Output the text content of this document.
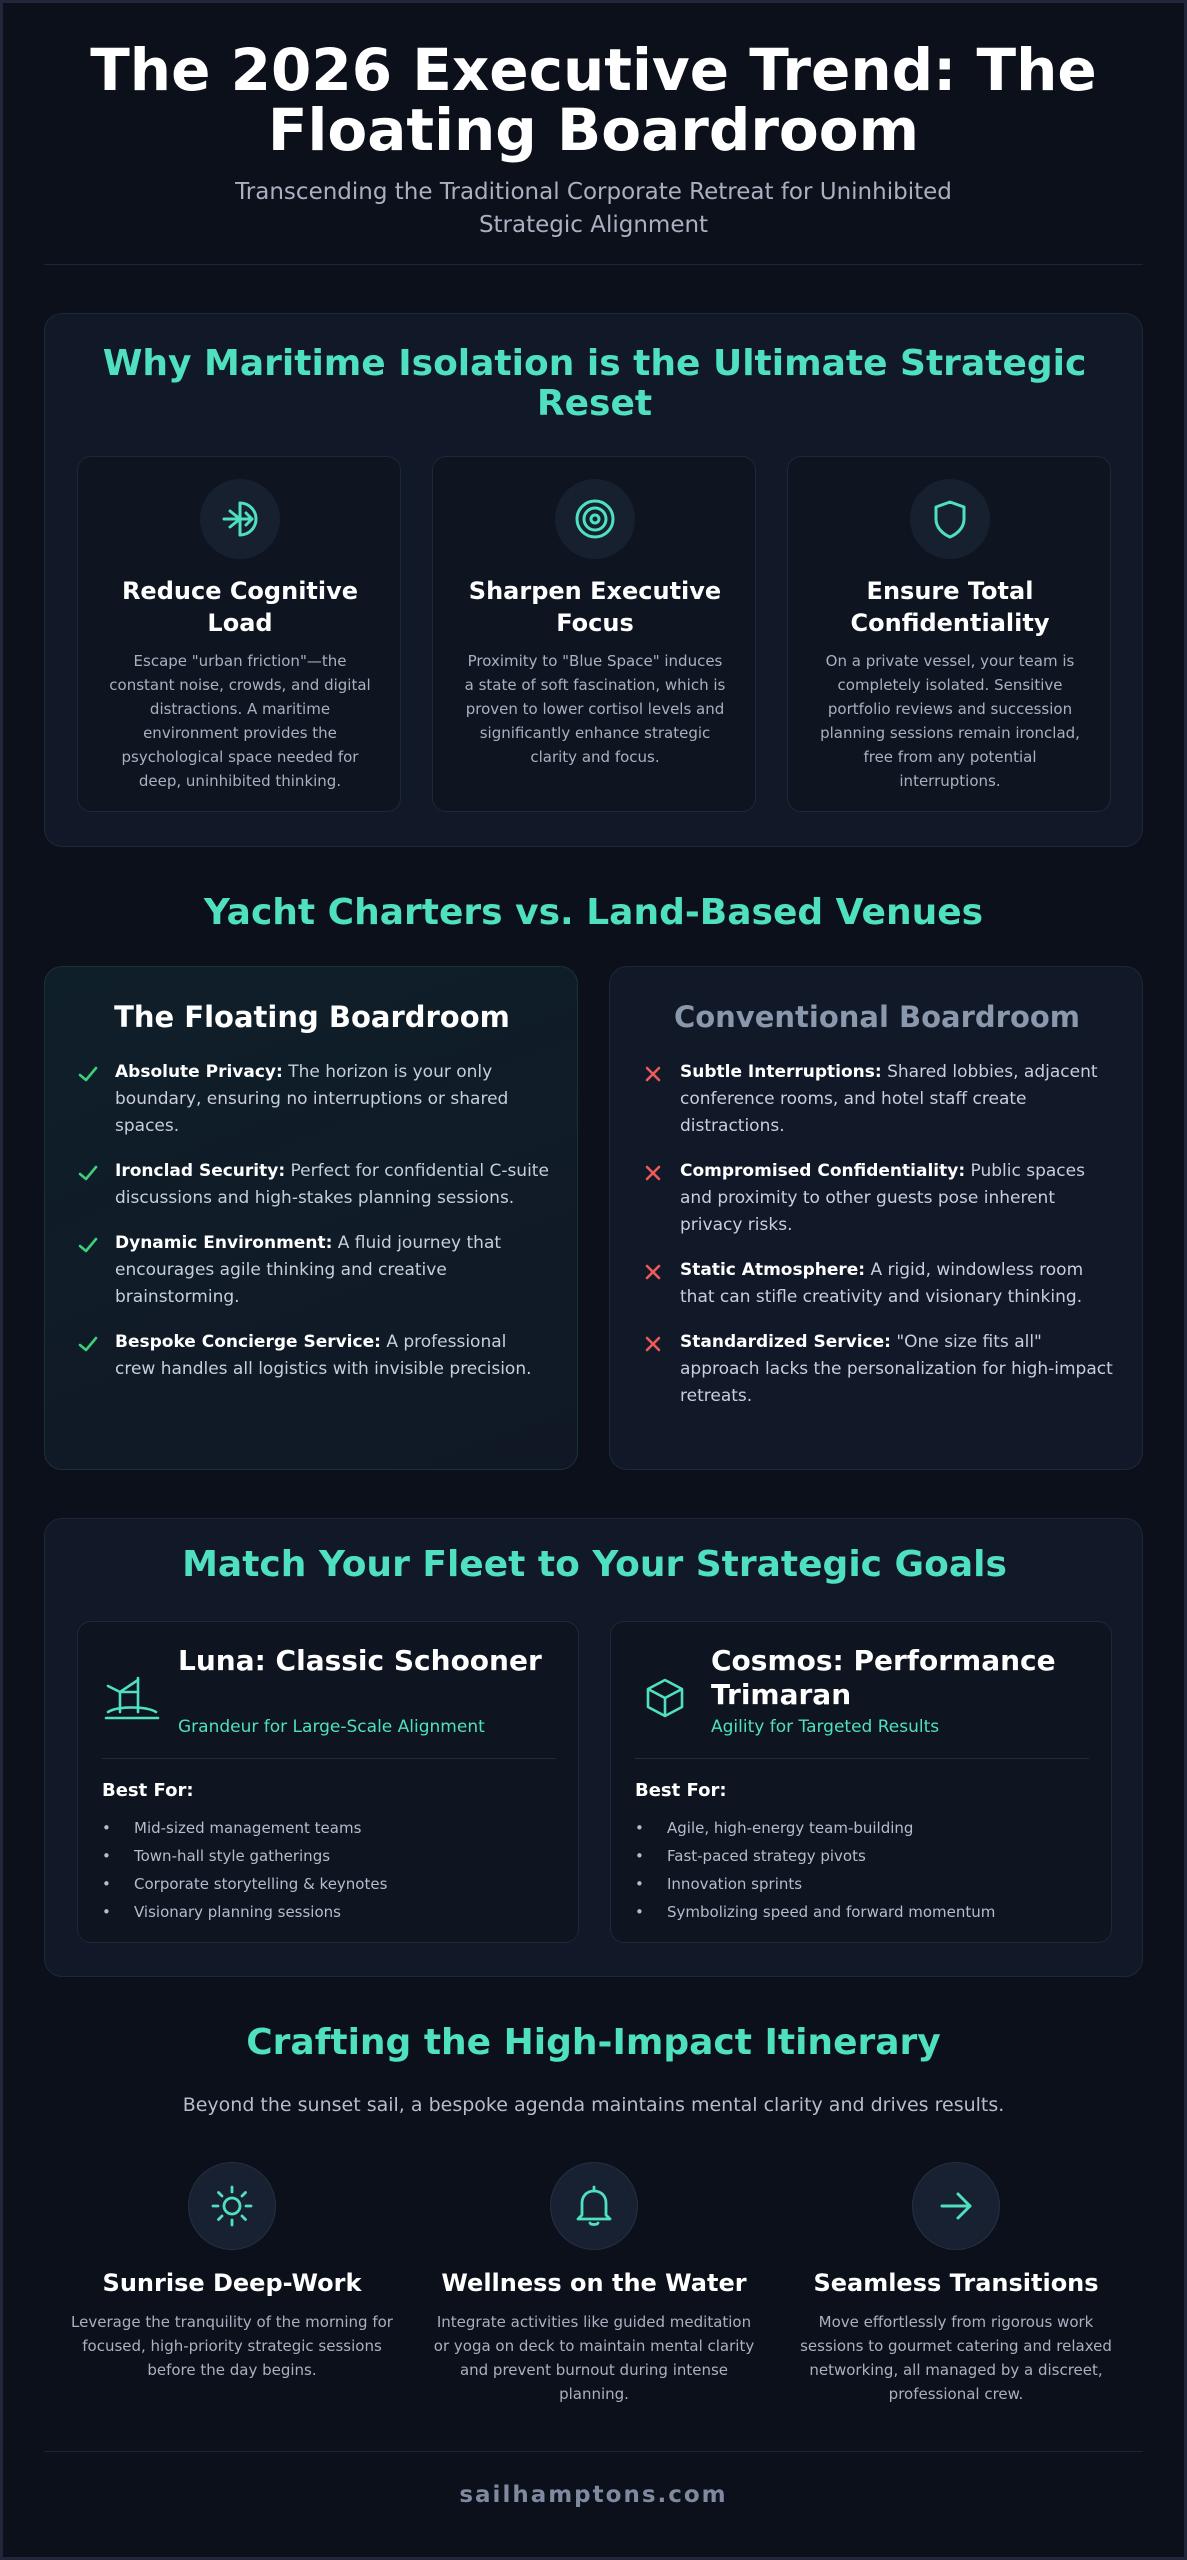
The 2026 Executive Trend: The Floating Boardroom

Transcending the Traditional Corporate Retreat for Uninhibited Strategic Alignment

Why Maritime Isolation is the Ultimate Strategic Reset
Reduce Cognitive Load

Escape "urban friction"—the constant noise, crowds, and digital distractions. A maritime environment provides the psychological space needed for deep, uninhibited thinking.

Sharpen Executive Focus

Proximity to "Blue Space" induces a state of soft fascination, which is proven to lower cortisol levels and significantly enhance strategic clarity and focus.

Ensure Total Confidentiality

On a private vessel, your team is completely isolated. Sensitive portfolio reviews and succession planning sessions remain ironclad, free from any potential interruptions.

Yacht Charters vs. Land-Based Venues
The Floating Boardroom
Absolute Privacy: The horizon is your only boundary, ensuring no interruptions or shared spaces.
Ironclad Security: Perfect for confidential C-suite discussions and high-stakes planning sessions.
Dynamic Environment: A fluid journey that encourages agile thinking and creative brainstorming.
Bespoke Concierge Service: A professional crew handles all logistics with invisible precision.
Conventional Boardroom
Subtle Interruptions: Shared lobbies, adjacent conference rooms, and hotel staff create distractions.
Compromised Confidentiality: Public spaces and proximity to other guests pose inherent privacy risks.
Static Atmosphere: A rigid, windowless room that can stifle creativity and visionary thinking.
Standardized Service: "One size fits all" approach lacks the personalization for high-impact retreats.
Match Your Fleet to Your Strategic Goals
Luna: Classic Schooner
Grandeur for Large-Scale Alignment
Best For:
• Mid-sized management teams
• Town-hall style gatherings
• Corporate storytelling & keynotes
• Visionary planning sessions
Cosmos: Performance Trimaran
Agility for Targeted Results
Best For:
• Agile, high-energy team-building
• Fast-paced strategy pivots
• Innovation sprints
• Symbolizing speed and forward momentum
Crafting the High-Impact Itinerary

Beyond the sunset sail, a bespoke agenda maintains mental clarity and drives results.

Sunrise Deep-Work

Leverage the tranquility of the morning for focused, high-priority strategic sessions before the day begins.

Wellness on the Water

Integrate activities like guided meditation or yoga on deck to maintain mental clarity and prevent burnout during intense planning.

Seamless Transitions

Move effortlessly from rigorous work sessions to gourmet catering and relaxed networking, all managed by a discreet, professional crew.

sailhamptons.com
